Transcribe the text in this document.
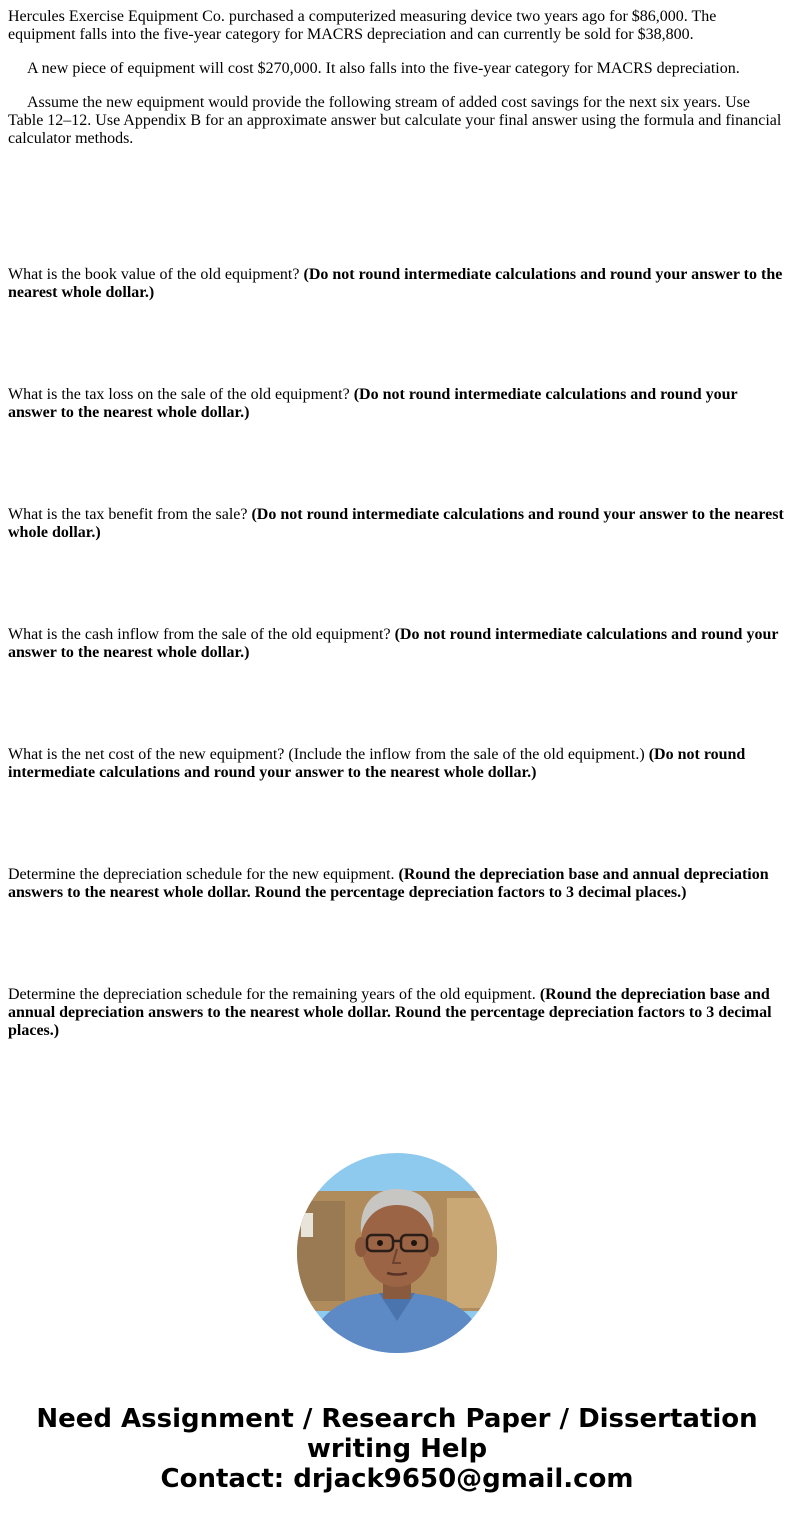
Hercules Exercise Equipment Co. purchased a computerized measuring device two years ago for $86,000. The equipment falls into the five-year category for MACRS depreciation and can currently be sold for $38,800.

A new piece of equipment will cost $270,000. It also falls into the five-year category for MACRS depreciation.

Assume the new equipment would provide the following stream of added cost savings for the next six years. Use Table 12–12. Use Appendix B for an approximate answer but calculate your final answer using the formula and financial calculator methods.

What is the book value of the old equipment? (Do not round intermediate calculations and round your answer to the nearest whole dollar.)

What is the tax loss on the sale of the old equipment? (Do not round intermediate calculations and round your answer to the nearest whole dollar.)

What is the tax benefit from the sale? (Do not round intermediate calculations and round your answer to the nearest whole dollar.)

What is the cash inflow from the sale of the old equipment? (Do not round intermediate calculations and round your answer to the nearest whole dollar.)

What is the net cost of the new equipment? (Include the inflow from the sale of the old equipment.) (Do not round intermediate calculations and round your answer to the nearest whole dollar.)

Determine the depreciation schedule for the new equipment. (Round the depreciation base and annual depreciation answers to the nearest whole dollar. Round the percentage depreciation factors to 3 decimal places.)

Determine the depreciation schedule for the remaining years of the old equipment. (Round the depreciation base and annual depreciation answers to the nearest whole dollar. Round the percentage depreciation factors to 3 decimal places.)

Need Assignment / Research Paper / Dissertation
writing Help
Contact: drjack9650@gmail.com
